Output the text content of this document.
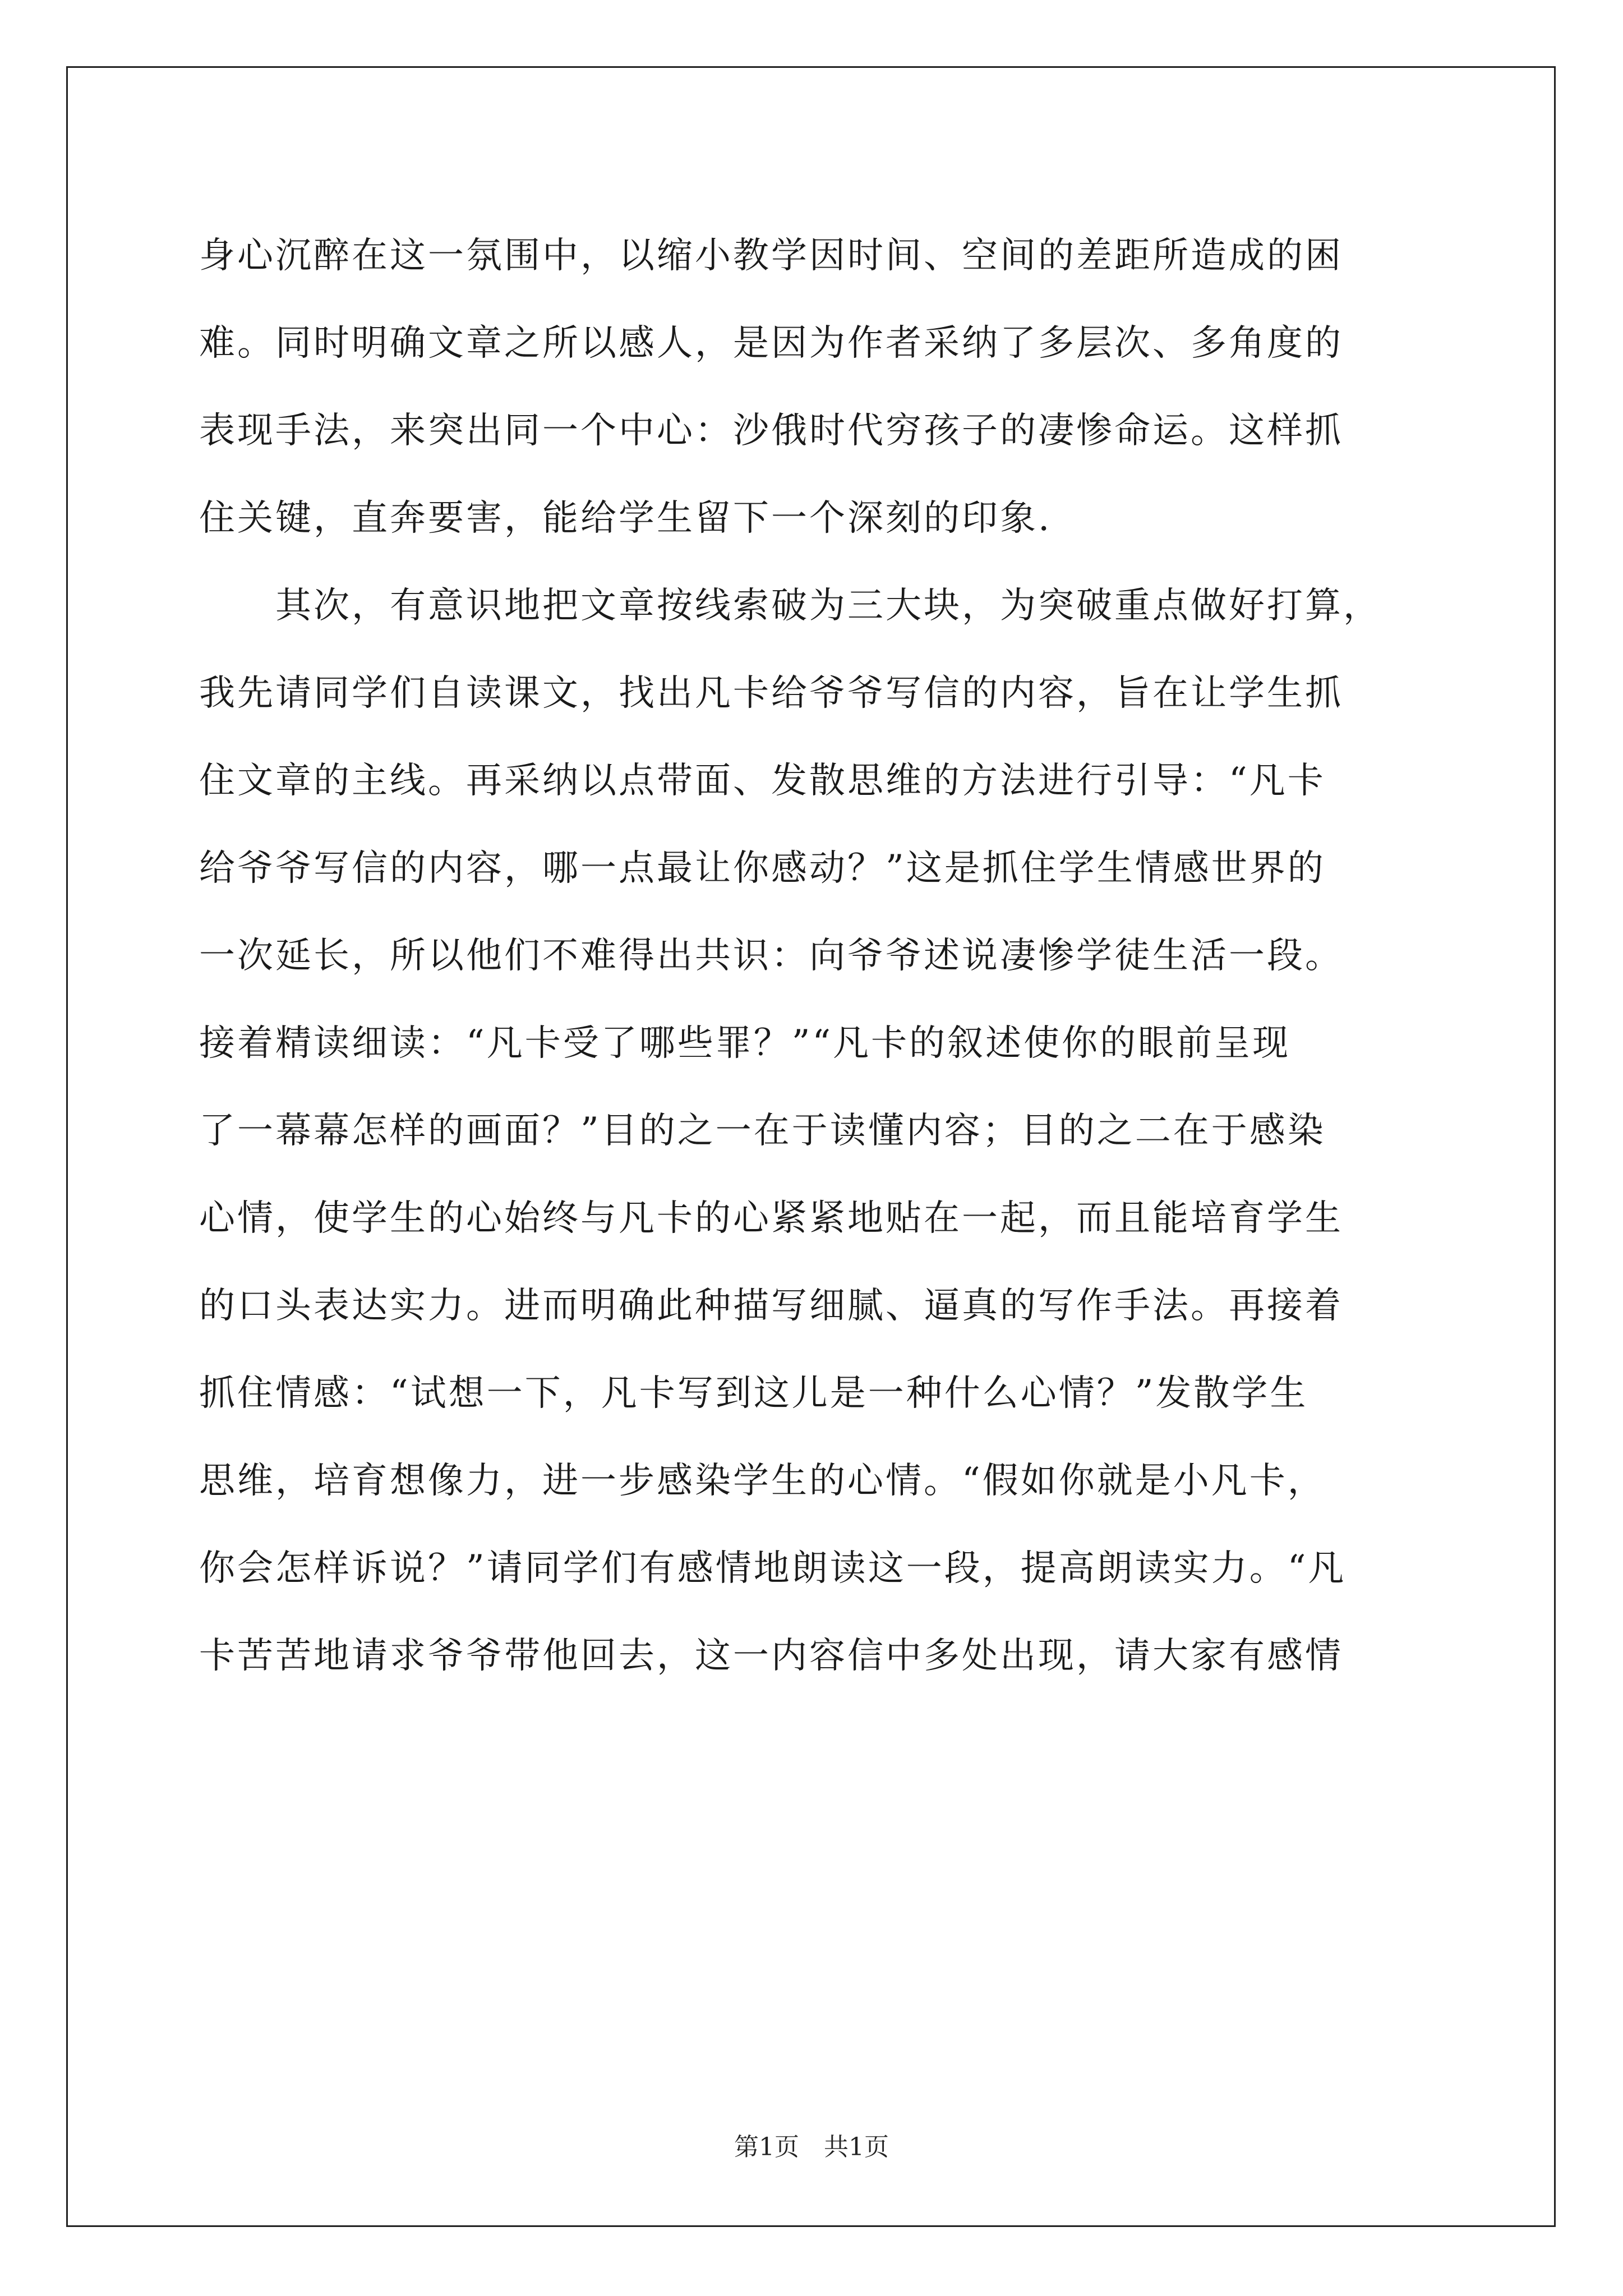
身心沉醉在这一氛围中，以缩小教学因时间、空间的差距所造成的困
难。同时明确文章之所以感人，是因为作者采纳了多层次、多角度的
表现手法，来突出同一个中心：沙俄时代穷孩子的凄惨命运。这样抓
住关键，直奔要害，能给学生留下一个深刻的印象.
　　其次，有意识地把文章按线索破为三大块，为突破重点做好打算，
我先请同学们自读课文，找出凡卡给爷爷写信的内容，旨在让学生抓
住文章的主线。再采纳以点带面、发散思维的方法进行引导：“凡卡
给爷爷写信的内容，哪一点最让你感动？”这是抓住学生情感世界的
一次延长，所以他们不难得出共识：向爷爷述说凄惨学徒生活一段。
接着精读细读：“凡卡受了哪些罪？”“凡卡的叙述使你的眼前呈现
了一幕幕怎样的画面？”目的之一在于读懂内容；目的之二在于感染
心情，使学生的心始终与凡卡的心紧紧地贴在一起，而且能培育学生
的口头表达实力。进而明确此种描写细腻、逼真的写作手法。再接着
抓住情感：“试想一下，凡卡写到这儿是一种什么心情？”发散学生
思维，培育想像力，进一步感染学生的心情。“假如你就是小凡卡，
你会怎样诉说？”请同学们有感情地朗读这一段，提高朗读实力。“凡
卡苦苦地请求爷爷带他回去，这一内容信中多处出现，请大家有感情
第1页 共1页
